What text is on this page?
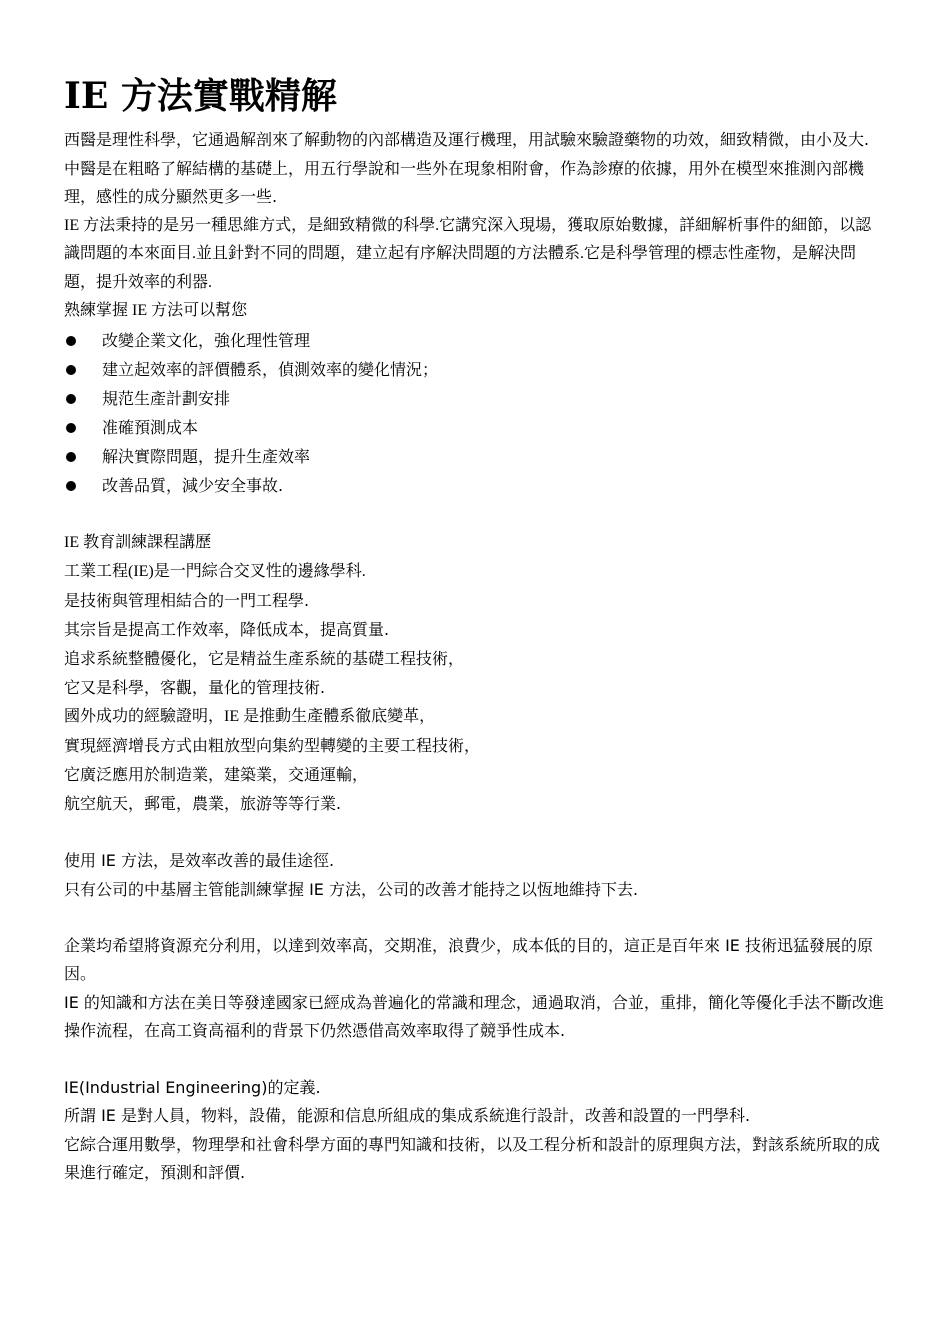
IE 方法實戰精解

西醫是理性科學，它通過解剖來了解動物的內部構造及運行機理，用試驗來驗證藥物的功效，細致精微，由小及大.

中醫是在粗略了解結構的基礎上，用五行學說和一些外在現象相附會，作為診療的依據，用外在模型來推測內部機理，感性的成分顯然更多一些.

IE 方法秉持的是另一種思維方式，是細致精微的科學.它講究深入現場，獲取原始數據，詳細解析事件的細節，以認識問題的本來面目.並且針對不同的問題，建立起有序解決問題的方法體系.它是科學管理的標志性產物，是解決問題，提升效率的利器.

熟練掌握 IE 方法可以幫您

改變企業文化，強化理性管理
建立起效率的評價體系，偵測效率的變化情況；
規范生產計劃安排
准確預測成本
解決實際問題，提升生產效率
改善品質，減少安全事故.

IE 教育訓練課程講歷

工業工程(IE)是一門綜合交叉性的邊緣學科.

是技術與管理相結合的一門工程學.

其宗旨是提高工作效率，降低成本，提高質量.

追求系統整體優化，它是精益生產系統的基礎工程技術，

它又是科學，客觀，量化的管理技術.

國外成功的經驗證明，IE 是推動生產體系徹底變革，

實現經濟增長方式由粗放型向集約型轉變的主要工程技術，

它廣泛應用於制造業，建築業，交通運輸，

航空航天，郵電，農業，旅游等等行業.

使用 IE 方法，是效率改善的最佳途徑.

只有公司的中基層主管能訓練掌握 IE 方法，公司的改善才能持之以恆地維持下去.

企業均希望將資源充分利用，以達到效率高，交期准，浪費少，成本低的目的，這正是百年來 IE 技術迅猛發展的原因。

IE 的知識和方法在美日等發達國家已經成為普遍化的常識和理念，通過取消，合並，重排，簡化等優化手法不斷改進操作流程，在高工資高福利的背景下仍然憑借高效率取得了競爭性成本.

IE(Industrial Engineering)的定義.

所謂 IE 是對人員，物料，設備，能源和信息所組成的集成系統進行設計，改善和設置的一門學科.

它綜合運用數學，物理學和社會科學方面的專門知識和技術，以及工程分析和設計的原理與方法，對該系統所取的成果進行確定，預測和評價.
